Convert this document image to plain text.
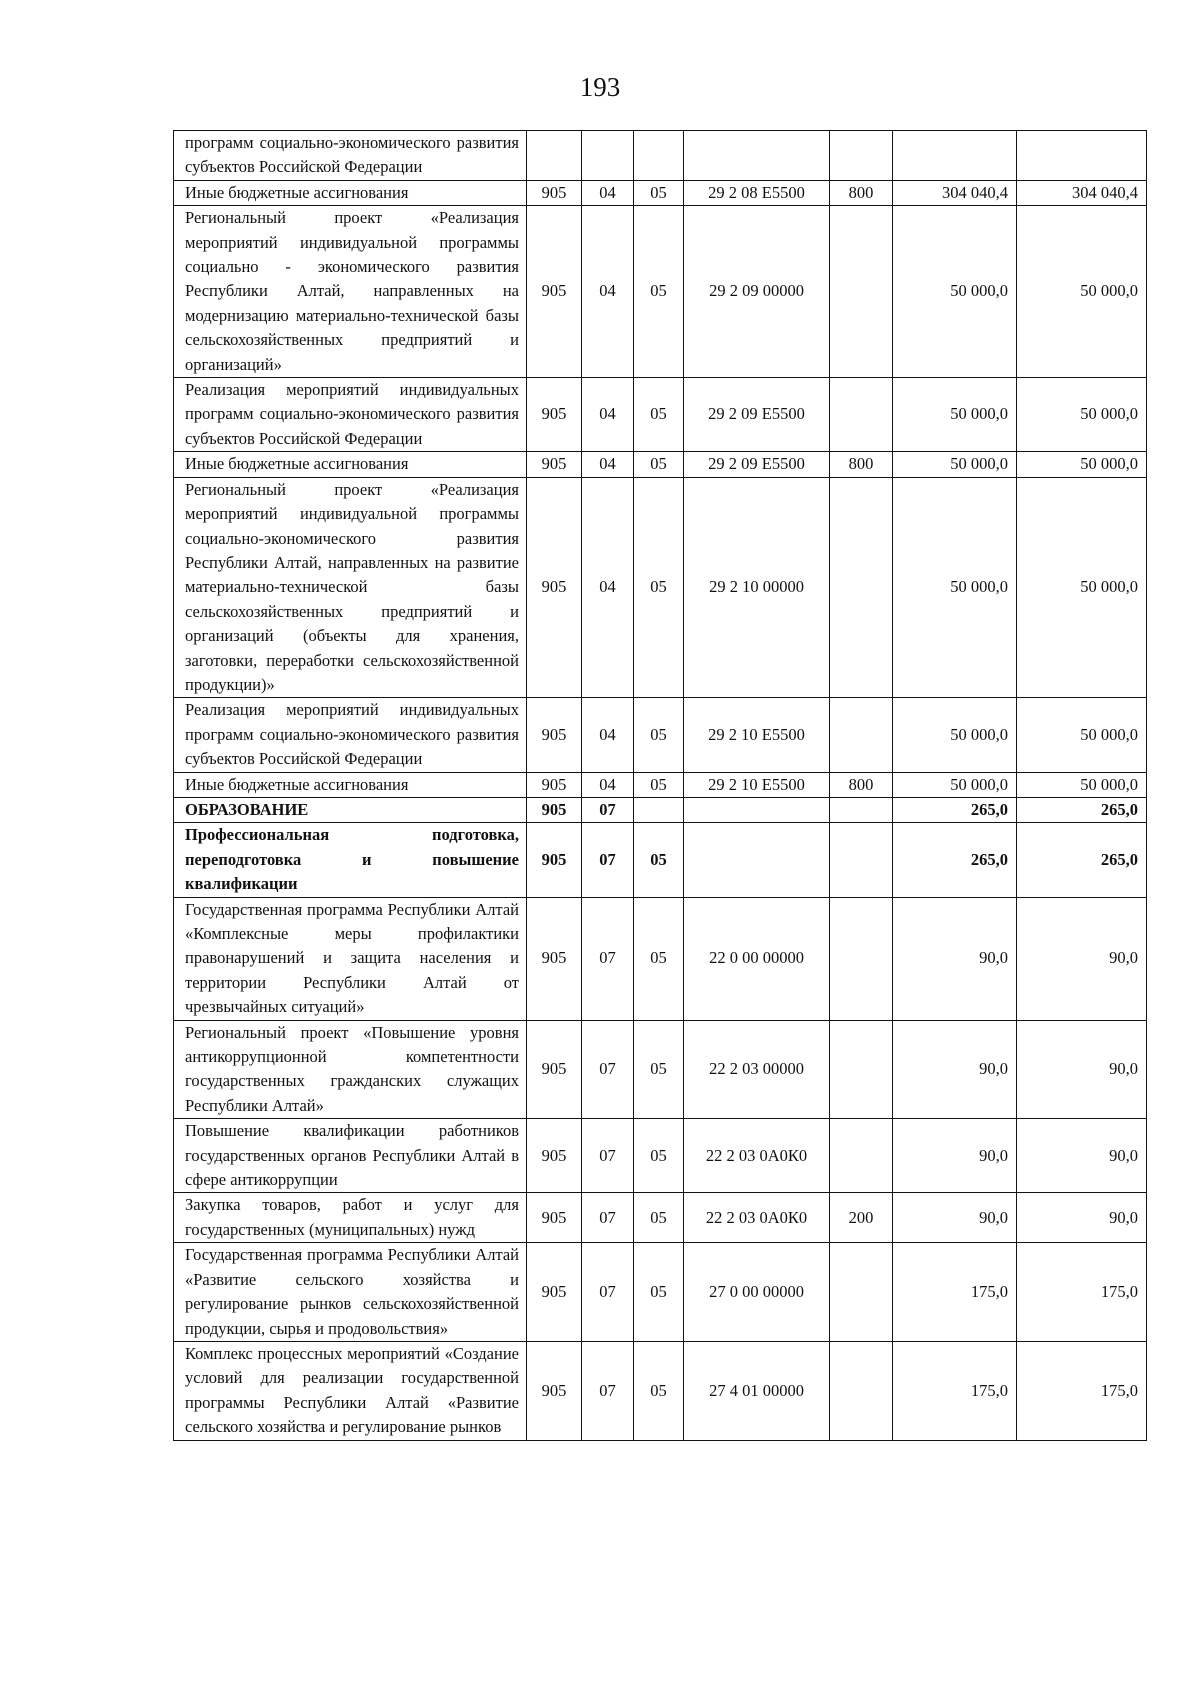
193
программ социально-экономического развития субъектов Российской Федерации							
Иные бюджетные ассигнования	905	04	05	29 2 08 E5500	800	304 040,4	304 040,4
Региональный проект «Реализация мероприятий индивидуальной программы социально - экономического развития Республики Алтай, направленных на модернизацию материально-технической базы сельскохозяйственных предприятий и организаций»	905	04	05	29 2 09 00000		50 000,0	50 000,0
Реализация мероприятий индивидуальных программ социально-экономического развития субъектов Российской Федерации	905	04	05	29 2 09 E5500		50 000,0	50 000,0
Иные бюджетные ассигнования	905	04	05	29 2 09 E5500	800	50 000,0	50 000,0
Региональный проект «Реализация мероприятий индивидуальной программы социально-экономического развития Республики Алтай, направленных на развитие материально-технической базы сельскохозяйственных предприятий и организаций (объекты для хранения, заготовки, переработки сельскохозяйственной продукции)»	905	04	05	29 2 10 00000		50 000,0	50 000,0
Реализация мероприятий индивидуальных программ социально-экономического развития субъектов Российской Федерации	905	04	05	29 2 10 E5500		50 000,0	50 000,0
Иные бюджетные ассигнования	905	04	05	29 2 10 E5500	800	50 000,0	50 000,0
ОБРАЗОВАНИЕ	905	07				265,0	265,0
Профессиональная подготовка, переподготовка и повышение квалификации	905	07	05			265,0	265,0
Государственная программа Республики Алтай «Комплексные меры профилактики правонарушений и защита населения и территории Республики Алтай от чрезвычайных ситуаций»	905	07	05	22 0 00 00000		90,0	90,0
Региональный проект «Повышение уровня антикоррупционной компетентности государственных гражданских служащих Республики Алтай»	905	07	05	22 2 03 00000		90,0	90,0
Повышение квалификации работников государственных органов Республики Алтай в сфере антикоррупции	905	07	05	22 2 03 0А0К0		90,0	90,0
Закупка товаров, работ и услуг для государственных (муниципальных) нужд	905	07	05	22 2 03 0А0К0	200	90,0	90,0
Государственная программа Республики Алтай «Развитие сельского хозяйства и регулирование рынков сельскохозяйственной продукции, сырья и продовольствия»	905	07	05	27 0 00 00000		175,0	175,0
Комплекс процессных мероприятий «Создание условий для реализации государственной программы Республики Алтай «Развитие сельского хозяйства и регулирование рынков	905	07	05	27 4 01 00000		175,0	175,0
